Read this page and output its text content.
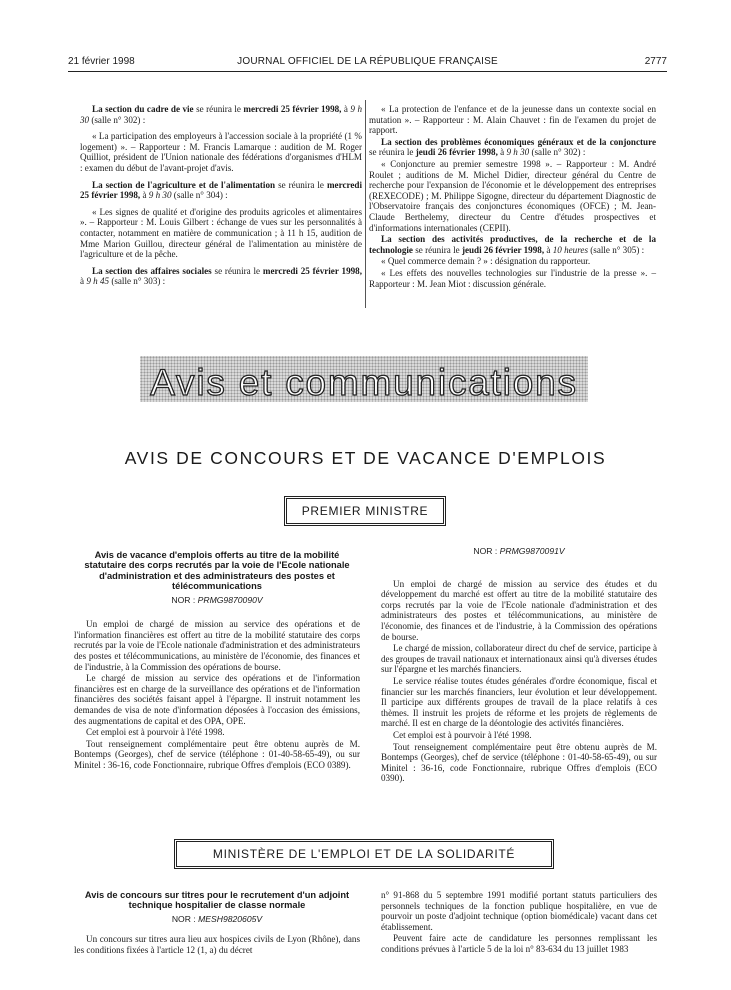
21 février 1998	JOURNAL OFFICIEL DE LA RÉPUBLIQUE FRANÇAISE	2777

La section du cadre de vie se réunira le mercredi 25 février 1998, à 9 h 30 (salle n° 302) :

« La participation des employeurs à l'accession sociale à la propriété (1 % logement) ». – Rapporteur : M. Francis Lamarque : audition de M. Roger Quilliot, président de l'Union nationale des fédérations d'organismes d'HLM : examen du début de l'avant-projet d'avis.

La section de l'agriculture et de l'alimentation se réunira le mercredi 25 février 1998, à 9 h 30 (salle n° 304) :

« Les signes de qualité et d'origine des produits agricoles et alimentaires ». – Rapporteur : M. Louis Gilbert : échange de vues sur les personnalités à contacter, notamment en matière de communication ; à 11 h 15, audition de Mme Marion Guillou, directeur général de l'alimentation au ministère de l'agriculture et de la pêche.

La section des affaires sociales se réunira le mercredi 25 février 1998, à 9 h 45 (salle n° 303) :

« La protection de l'enfance et de la jeunesse dans un contexte social en mutation ». – Rapporteur : M. Alain Chauvet : fin de l'examen du projet de rapport.

La section des problèmes économiques généraux et de la conjoncture se réunira le jeudi 26 février 1998, à 9 h 30 (salle n° 302) :

« Conjoncture au premier semestre 1998 ». – Rapporteur : M. André Roulet ; auditions de M. Michel Didier, directeur général du Centre de recherche pour l'expansion de l'économie et le développement des entreprises (REXECODE) ; M. Philippe Sigogne, directeur du département Diagnostic de l'Observatoire français des conjonctures économiques (OFCE) ; M. Jean-Claude Berthelemy, directeur du Centre d'études prospectives et d'informations internationales (CEPII).

La section des activités productives, de la recherche et de la technologie se réunira le jeudi 26 février 1998, à 10 heures (salle n° 305) :

« Quel commerce demain ? » : désignation du rapporteur.

« Les effets des nouvelles technologies sur l'industrie de la presse ». – Rapporteur : M. Jean Miot : discussion générale.

Avis et communications
AVIS DE CONCOURS ET DE VACANCE D'EMPLOIS
PREMIER MINISTRE
Avis de vacance d'emplois offerts au titre de la mobilité statutaire des corps recrutés par la voie de l'Ecole nationale d'administration et des administrateurs des postes et télécommunications
NOR : PRMG9870090V

Un emploi de chargé de mission au service des opérations et de l'information financières est offert au titre de la mobilité statutaire des corps recrutés par la voie de l'Ecole nationale d'administration et des administrateurs des postes et télécommunications, au ministère de l'économie, des finances et de l'industrie, à la Commission des opérations de bourse.

Le chargé de mission au service des opérations et de l'information financières est en charge de la surveillance des opérations et de l'information financières des sociétés faisant appel à l'épargne. Il instruit notamment les demandes de visa de note d'information déposées à l'occasion des émissions, des augmentations de capital et des OPA, OPE.

Cet emploi est à pourvoir à l'été 1998.

Tout renseignement complémentaire peut être obtenu auprès de M. Bontemps (Georges), chef de service (téléphone : 01-40-58-65-49), ou sur Minitel : 36-16, code Fonctionnaire, rubrique Offres d'emplois (ECO 0389).

NOR : PRMG9870091V

Un emploi de chargé de mission au service des études et du développement du marché est offert au titre de la mobilité statutaire des corps recrutés par la voie de l'Ecole nationale d'administration et des administrateurs des postes et télécommunications, au ministère de l'économie, des finances et de l'industrie, à la Commission des opérations de bourse.

Le chargé de mission, collaborateur direct du chef de service, participe à des groupes de travail nationaux et internationaux ainsi qu'à diverses études sur l'épargne et les marchés financiers.

Le service réalise toutes études générales d'ordre économique, fiscal et financier sur les marchés financiers, leur évolution et leur développement. Il participe aux différents groupes de travail de la place relatifs à ces thèmes. Il instruit les projets de réforme et les projets de règlements de marché. Il est en charge de la déontologie des activités financières.

Cet emploi est à pourvoir à l'été 1998.

Tout renseignement complémentaire peut être obtenu auprès de M. Bontemps (Georges), chef de service (téléphone : 01-40-58-65-49), ou sur Minitel : 36-16, code Fonctionnaire, rubrique Offres d'emplois (ECO 0390).

MINISTÈRE DE L'EMPLOI ET DE LA SOLIDARITÉ
Avis de concours sur titres pour le recrutement d'un adjoint technique hospitalier de classe normale
NOR : MESH9820605V

Un concours sur titres aura lieu aux hospices civils de Lyon (Rhône), dans les conditions fixées à l'article 12 (1, a) du décret

n° 91-868 du 5 septembre 1991 modifié portant statuts particuliers des personnels techniques de la fonction publique hospitalière, en vue de pourvoir un poste d'adjoint technique (option biomédicale) vacant dans cet établissement.

Peuvent faire acte de candidature les personnes remplissant les conditions prévues à l'article 5 de la loi n° 83-634 du 13 juillet 1983
